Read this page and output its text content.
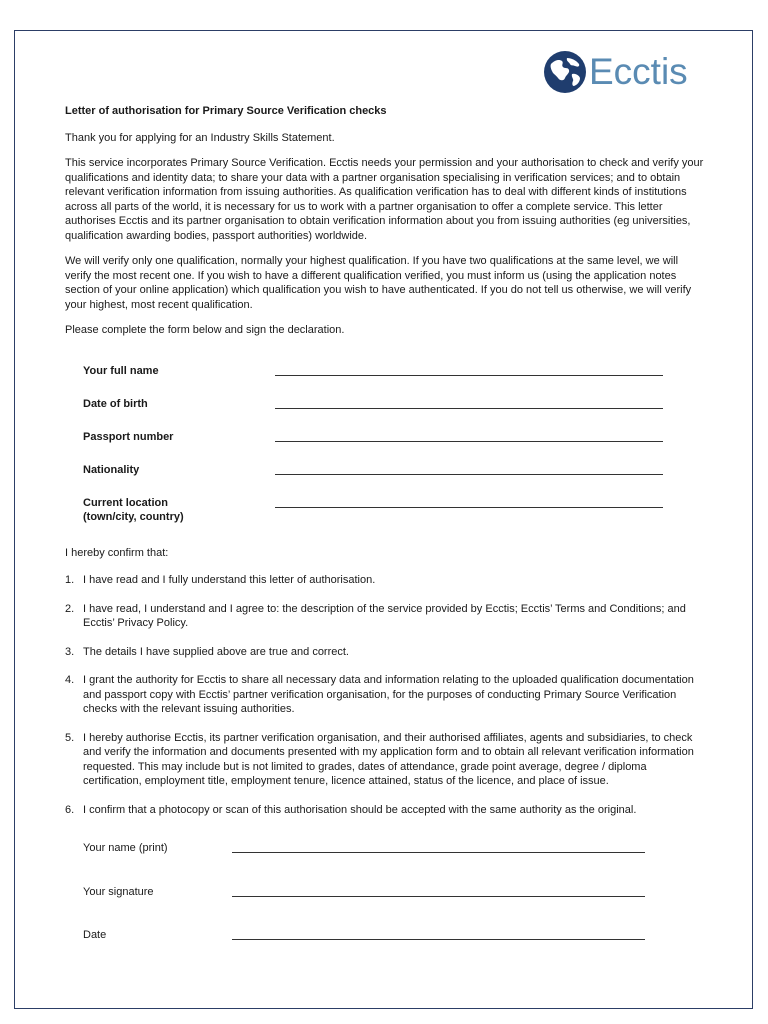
Ecctis
Letter of authorisation for Primary Source Verification checks

Thank you for applying for an Industry Skills Statement.

This service incorporates Primary Source Verification. Ecctis needs your permission and your authorisation to check and verify your qualifications and identity data; to share your data with a partner organisation specialising in verification services; and to obtain relevant verification information from issuing authorities. As qualification verification has to deal with different kinds of institutions across all parts of the world, it is necessary for us to work with a partner organisation to offer a complete service. This letter authorises Ecctis and its partner organisation to obtain verification information about you from issuing authorities (eg universities, qualification awarding bodies, passport authorities) worldwide.

We will verify only one qualification, normally your highest qualification. If you have two qualifications at the same level, we will verify the most recent one. If you wish to have a different qualification verified, you must inform us (using the application notes section of your online application) which qualification you wish to have authenticated. If you do not tell us otherwise, we will verify your highest, most recent qualification.

Please complete the form below and sign the declaration.

Your full name
Date of birth
Passport number
Nationality
Current location
(town/city, country)
I hereby confirm that:
1. I have read and I fully understand this letter of authorisation.
2. I have read, I understand and I agree to: the description of the service provided by Ecctis; Ecctis’ Terms and Conditions; and Ecctis’ Privacy Policy.
3. The details I have supplied above are true and correct.
4. I grant the authority for Ecctis to share all necessary data and information relating to the uploaded qualification documentation and passport copy with Ecctis’ partner verification organisation, for the purposes of conducting Primary Source Verification checks with the relevant issuing authorities.
5. I hereby authorise Ecctis, its partner verification organisation, and their authorised affiliates, agents and subsidiaries, to check and verify the information and documents presented with my application form and to obtain all relevant verification information requested. This may include but is not limited to grades, dates of attendance, grade point average, degree / diploma certification, employment title, employment tenure, licence attained, status of the licence, and place of issue.
6. I confirm that a photocopy or scan of this authorisation should be accepted with the same authority as the original.
Your name (print)
Your signature
Date
